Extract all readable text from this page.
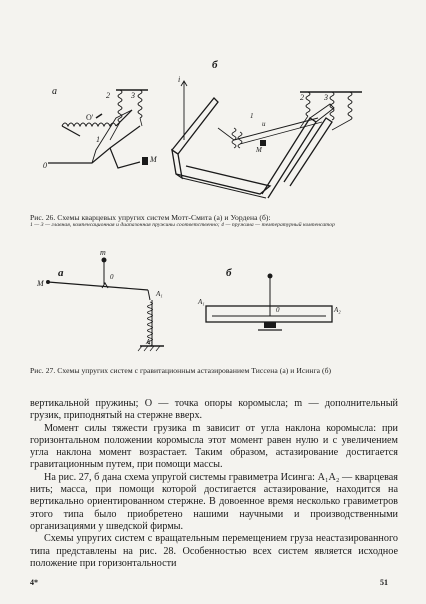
а
0
О'
1
2	3
М
б
i
1
и
М
2	3
Рис. 26. Схемы кварцевых упругих систем Мотт-Смита (а) и Уордена (б):
1 — 3 — главная, компенсационная и диапазонная пружины соответственно; 4 — пружина — температурный компенсатор
а
m
0
М
A₁
A₂
б
A₁
0	A₂
Рис. 27. Схемы упругих систем с гравитационным астазированием Тиссена (а) и Исинга (б)

вертикальной пружины; О — точка опоры коромысла; m — дополнительный грузик, приподнятый на стержне вверх.

Момент силы тяжести грузика m зависит от угла наклона коромысла: при горизонтальном положении коромысла этот момент равен нулю и с увеличением угла наклона момент возрастает. Таким образом, астазирование достигается гравитационным путем, при помощи массы.

На рис. 27, б дана схема упругой системы гравиметра Исинга: A₁A₂ — кварцевая нить; масса, при помощи которой достигается астазирование, находится на вертикально ориентированном стержне. В довоенное время несколько гравиметров этого типа было приобретено нашими научными и производственными организациями у шведской фирмы.

Схемы упругих систем с вращательным перемещением груза неастазированного типа представлены на рис. 28. Особенностью всех систем является исходное положение при горизонтальности

4*	51
